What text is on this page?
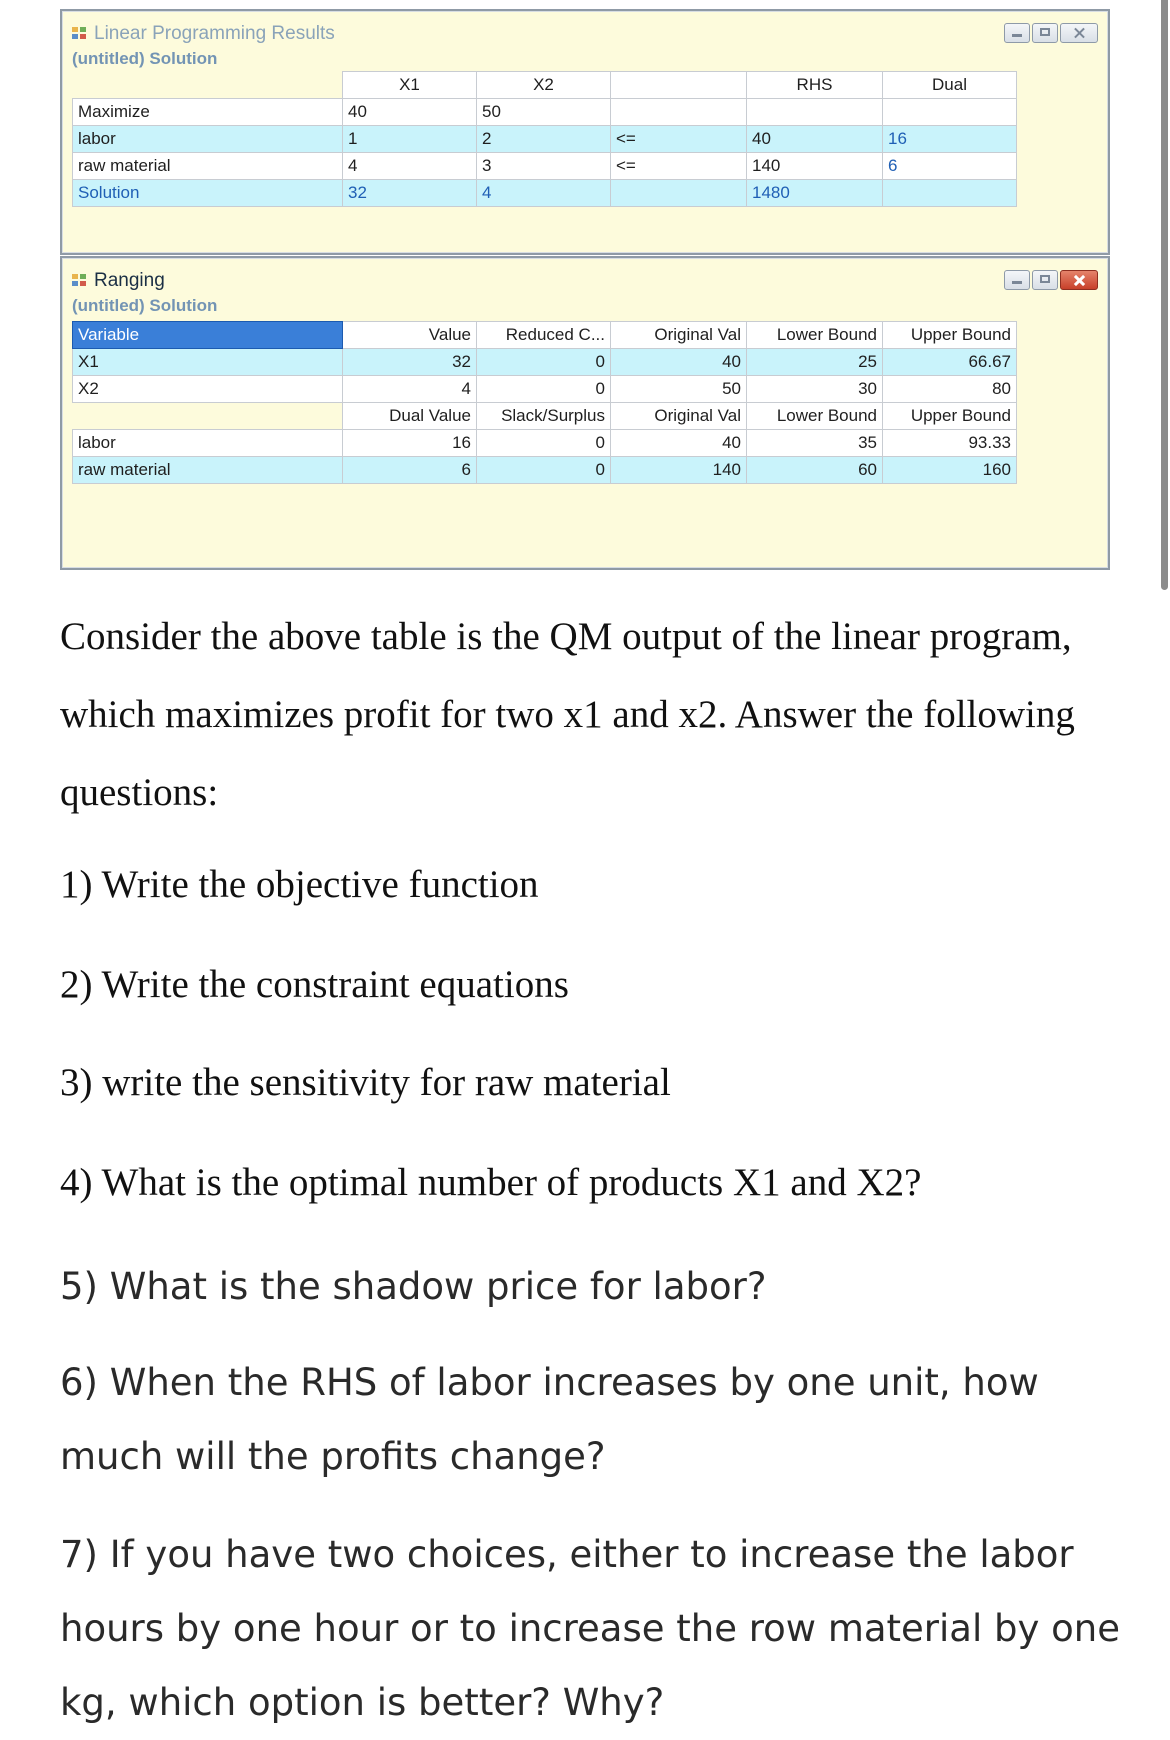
Linear Programming Results
(untitled) Solution
	X1	X2		RHS	Dual
Maximize	40	50			
labor	1	2	<=	40	16
raw material	4	3	<=	140	6
Solution	32	4		1480	
Ranging
(untitled) Solution
Variable	Value	Reduced C...	Original Val	Lower Bound	Upper Bound
X1	32	0	40	25	66.67
X2	4	0	50	30	80
	Dual Value	Slack/Surplus	Original Val	Lower Bound	Upper Bound
labor	16	0	40	35	93.33
raw material	6	0	140	60	160

Consider the above table is the QM output of the linear program, which maximizes profit for two x1 and x2. Answer the following questions:

1) Write the objective function

2) Write the constraint equations

3) write the sensitivity for raw material

4) What is the optimal number of products X1 and X2?

5) What is the shadow price for labor?

6) When the RHS of labor increases by one unit, how much will the profits change?

7) If you have two choices, either to increase the labor hours by one hour or to increase the row material by one kg, which option is better? Why?
